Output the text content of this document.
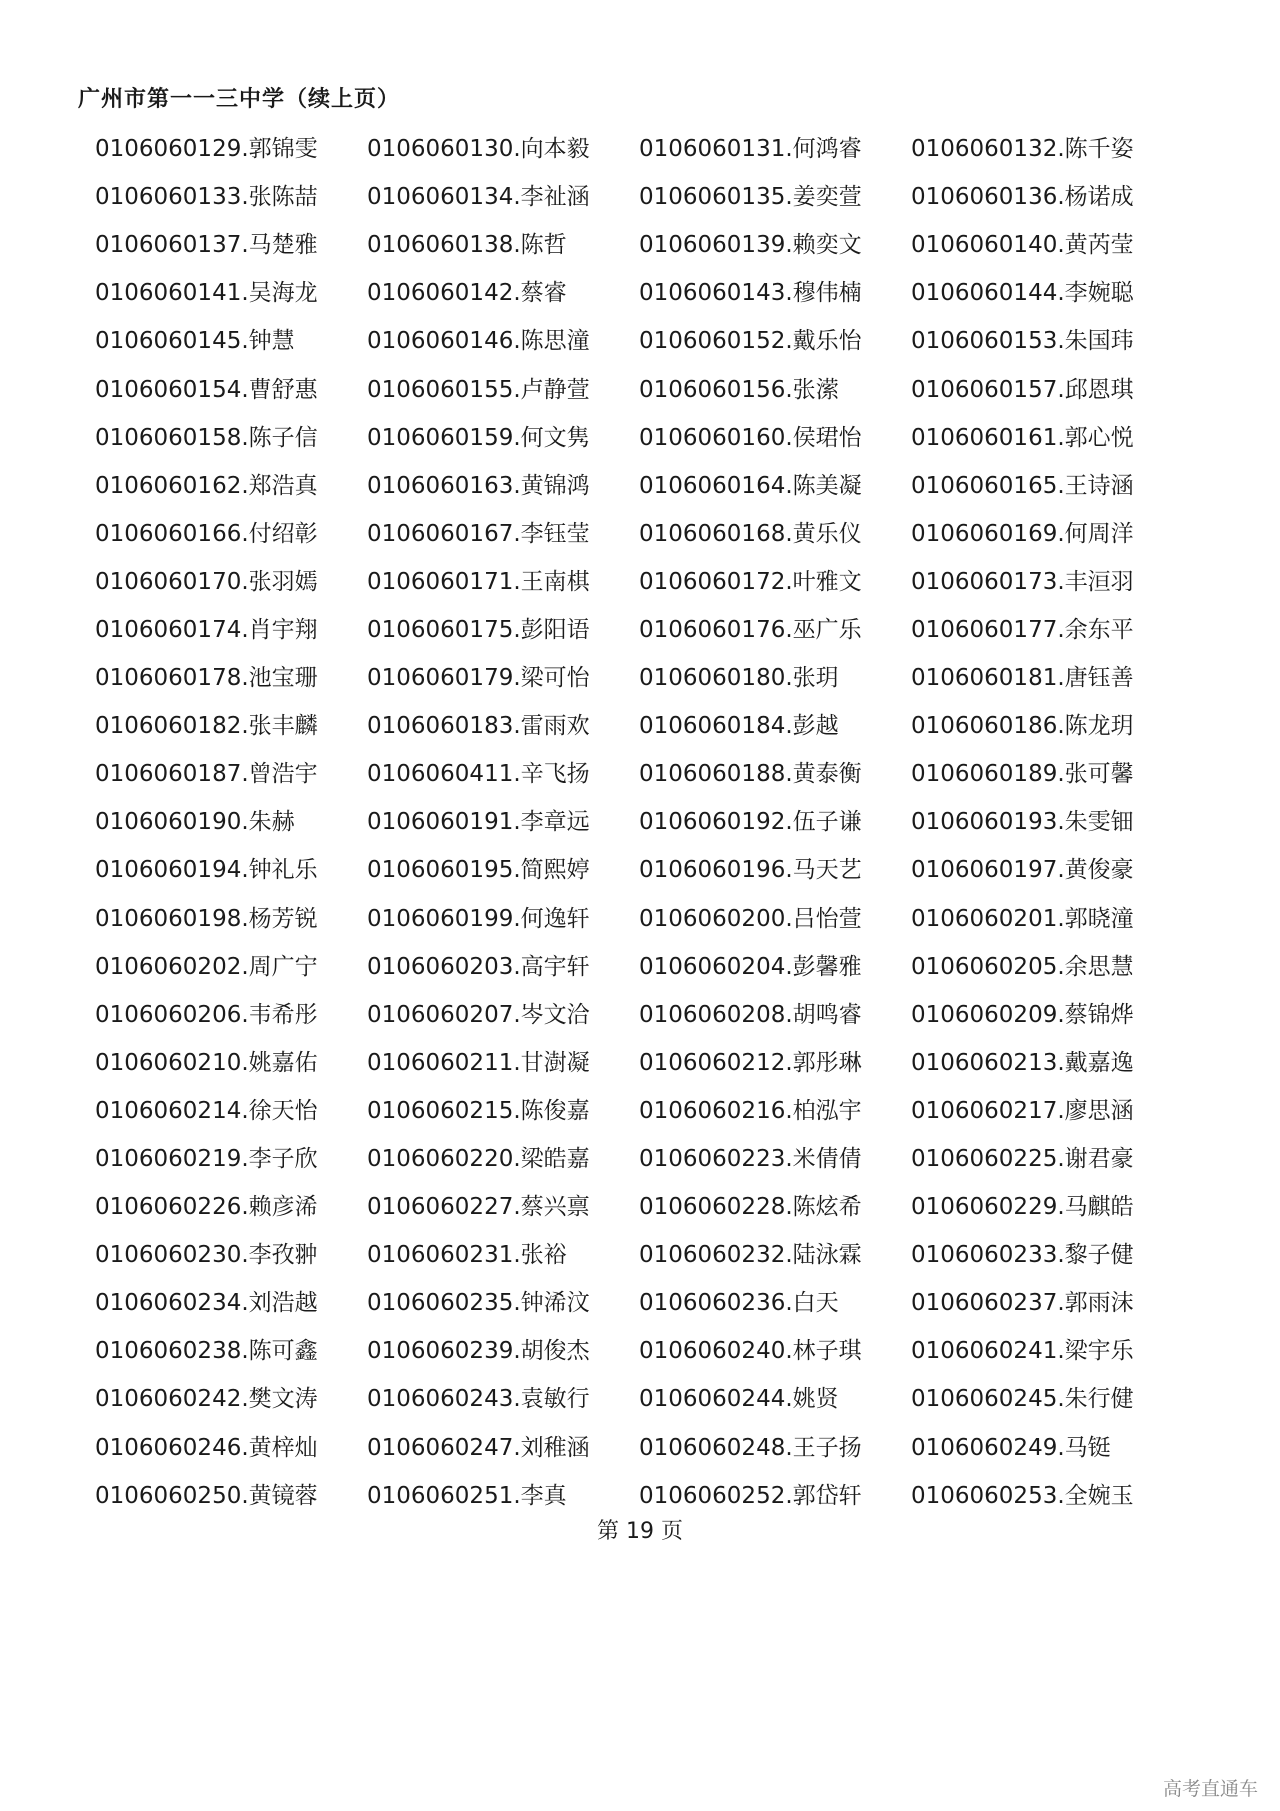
广州市第一一三中学（续上页）
0106060129.郭锦雯	0106060130.向本毅	0106060131.何鸿睿	0106060132.陈千姿
0106060133.张陈喆	0106060134.李祉涵	0106060135.姜奕萱	0106060136.杨诺成
0106060137.马楚雅	0106060138.陈哲	0106060139.赖奕文	0106060140.黄芮莹
0106060141.吴海龙	0106060142.蔡睿	0106060143.穆伟楠	0106060144.李婉聪
0106060145.钟慧	0106060146.陈思潼	0106060152.戴乐怡	0106060153.朱国玮
0106060154.曹舒惠	0106060155.卢静萱	0106060156.张潆	0106060157.邱恩琪
0106060158.陈子信	0106060159.何文隽	0106060160.侯珺怡	0106060161.郭心悦
0106060162.郑浩真	0106060163.黄锦鸿	0106060164.陈美凝	0106060165.王诗涵
0106060166.付绍彰	0106060167.李钰莹	0106060168.黄乐仪	0106060169.何周洋
0106060170.张羽嫣	0106060171.王南棋	0106060172.叶雅文	0106060173.丰洹羽
0106060174.肖宇翔	0106060175.彭阳语	0106060176.巫广乐	0106060177.余东平
0106060178.池宝珊	0106060179.梁可怡	0106060180.张玥	0106060181.唐钰善
0106060182.张丰麟	0106060183.雷雨欢	0106060184.彭越	0106060186.陈龙玥
0106060187.曾浩宇	0106060411.辛飞扬	0106060188.黄泰衡	0106060189.张可馨
0106060190.朱赫	0106060191.李章远	0106060192.伍子谦	0106060193.朱雯钿
0106060194.钟礼乐	0106060195.简熙婷	0106060196.马天艺	0106060197.黄俊豪
0106060198.杨芳锐	0106060199.何逸轩	0106060200.吕怡萱	0106060201.郭晓潼
0106060202.周广宁	0106060203.高宇轩	0106060204.彭馨雅	0106060205.余思慧
0106060206.韦希彤	0106060207.岑文洽	0106060208.胡鸣睿	0106060209.蔡锦烨
0106060210.姚嘉佑	0106060211.甘澍凝	0106060212.郭彤琳	0106060213.戴嘉逸
0106060214.徐天怡	0106060215.陈俊嘉	0106060216.柏泓宇	0106060217.廖思涵
0106060219.李子欣	0106060220.梁皓嘉	0106060223.米倩倩	0106060225.谢君豪
0106060226.赖彦浠	0106060227.蔡兴禀	0106060228.陈炫希	0106060229.马麒皓
0106060230.李孜翀	0106060231.张裕	0106060232.陆泳霖	0106060233.黎子健
0106060234.刘浩越	0106060235.钟浠汶	0106060236.白天	0106060237.郭雨沫
0106060238.陈可鑫	0106060239.胡俊杰	0106060240.林子琪	0106060241.梁宇乐
0106060242.樊文涛	0106060243.袁敏行	0106060244.姚贤	0106060245.朱行健
0106060246.黄梓灿	0106060247.刘稚涵	0106060248.王子扬	0106060249.马铤
0106060250.黄镜蓉	0106060251.李真	0106060252.郭岱轩	0106060253.全婉玉
第 19 页
高考直通车
